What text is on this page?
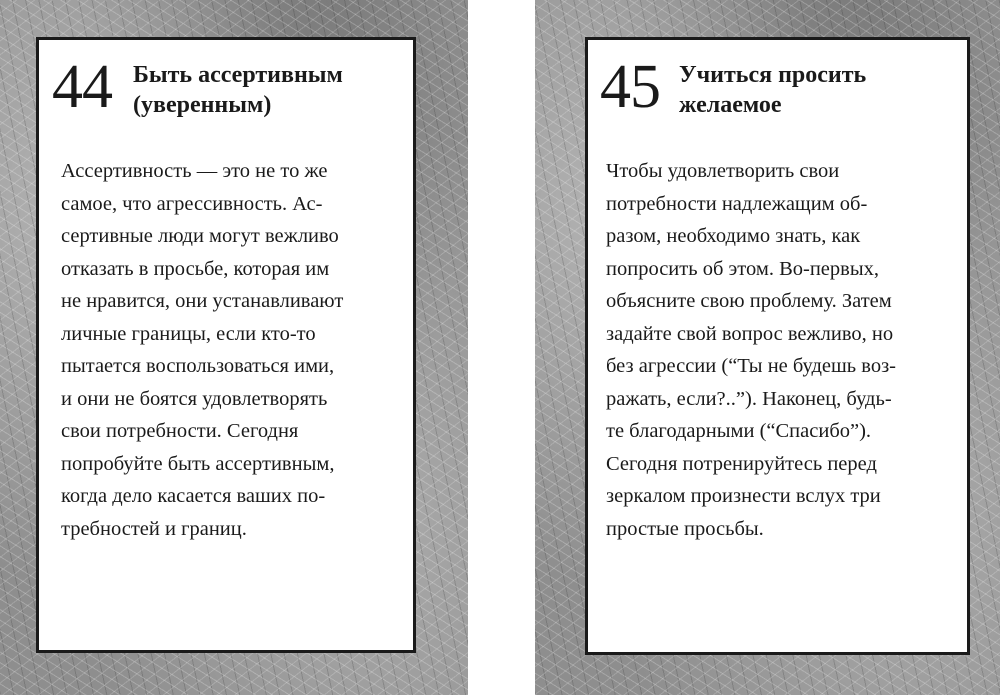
44 Быть ассертивным
(уверенным)
Ассертивность — это не то же
самое, что агрессивность. Ас-
сертивные люди могут вежливо
отказать в просьбе, которая им
не нравится, они устанавливают
личные границы, если кто-то
пытается воспользоваться ими,
и они не боятся удовлетворять
свои потребности. Сегодня
попробуйте быть ассертивным,
когда дело касается ваших по-
требностей и границ.
45 Учиться просить
желаемое
Чтобы удовлетворить свои
потребности надлежащим об-
разом, необходимо знать, как
попросить об этом. Во-первых,
объясните свою проблему. Затем
задайте свой вопрос вежливо, но
без агрессии (“Ты не будешь воз-
ражать, если?..”). Наконец, будь-
те благодарными (“Спасибо”).
Сегодня потренируйтесь перед
зеркалом произнести вслух три
простые просьбы.
